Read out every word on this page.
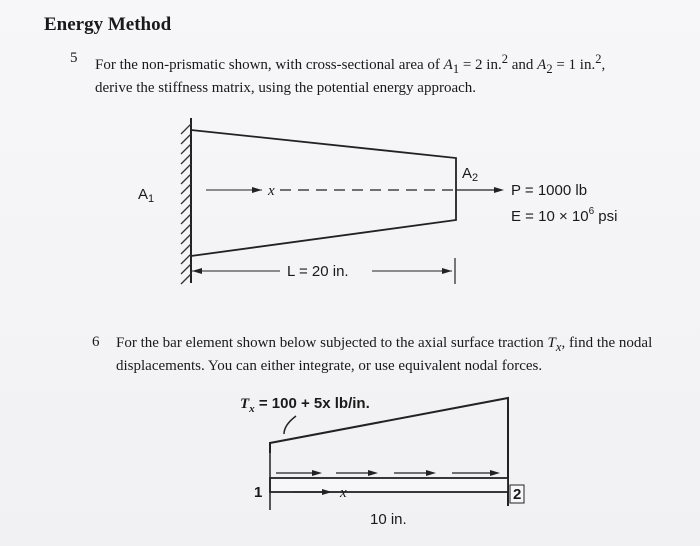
Energy Method
5 For the non-prismatic shown, with cross-sectional area of $A_1 = 2$ in.$^2$ and $A_2 = 1$ in.$^2$,
derive the stiffness matrix, using the potential energy approach.
x
$A_1$
$A_2$
P = 1000 lb
$E = 10 \times 10^6$ psi
L = 20 in.
6 For the bar element shown below subjected to the axial surface traction $T_x$, find the nodal
displacements. You can either integrate, or use equivalent nodal forces.
$T_x = 100 + 5x$ lb/in.
x
1	2
10 in.
